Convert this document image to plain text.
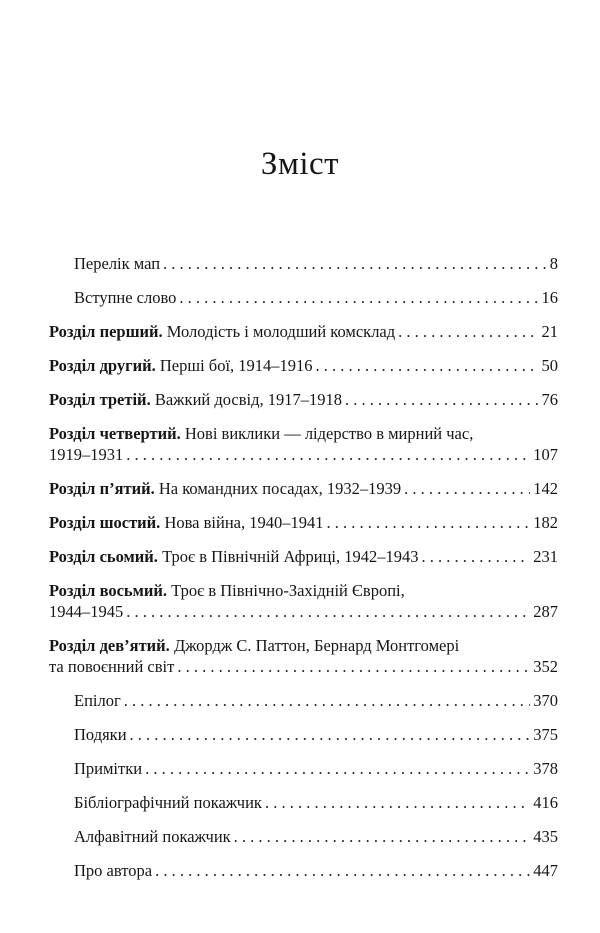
Зміст
Перелік мап . . .	8
Вступне слово . . .	16
Розділ перший. Молодість і молодший комсклад . . .	21
Розділ другий. Перші бої, 1914–1916 . . .	50
Розділ третій. Важкий досвід, 1917–1918 . . .	76
Розділ четвертий. Нові виклики — лідерство в мирний час,
1919–1931 . . .	107
Розділ п’ятий. На командних посадах, 1932–1939 . . .	142
Розділ шостий. Нова війна, 1940–1941 . . .	182
Розділ сьомий. Троє в Північній Африці, 1942–1943 . . .	231
Розділ восьмий. Троє в Північно-Західній Європі,
1944–1945 . . .	287
Розділ дев’ятий. Джордж С. Паттон, Бернард Монтгомері
та повоєнний світ . . .	352
Епілог . . .	370
Подяки . . .	375
Примітки . . .	378
Бібліографічний покажчик . . .	416
Алфавітний покажчик . . .	435
Про автора . . .	447
